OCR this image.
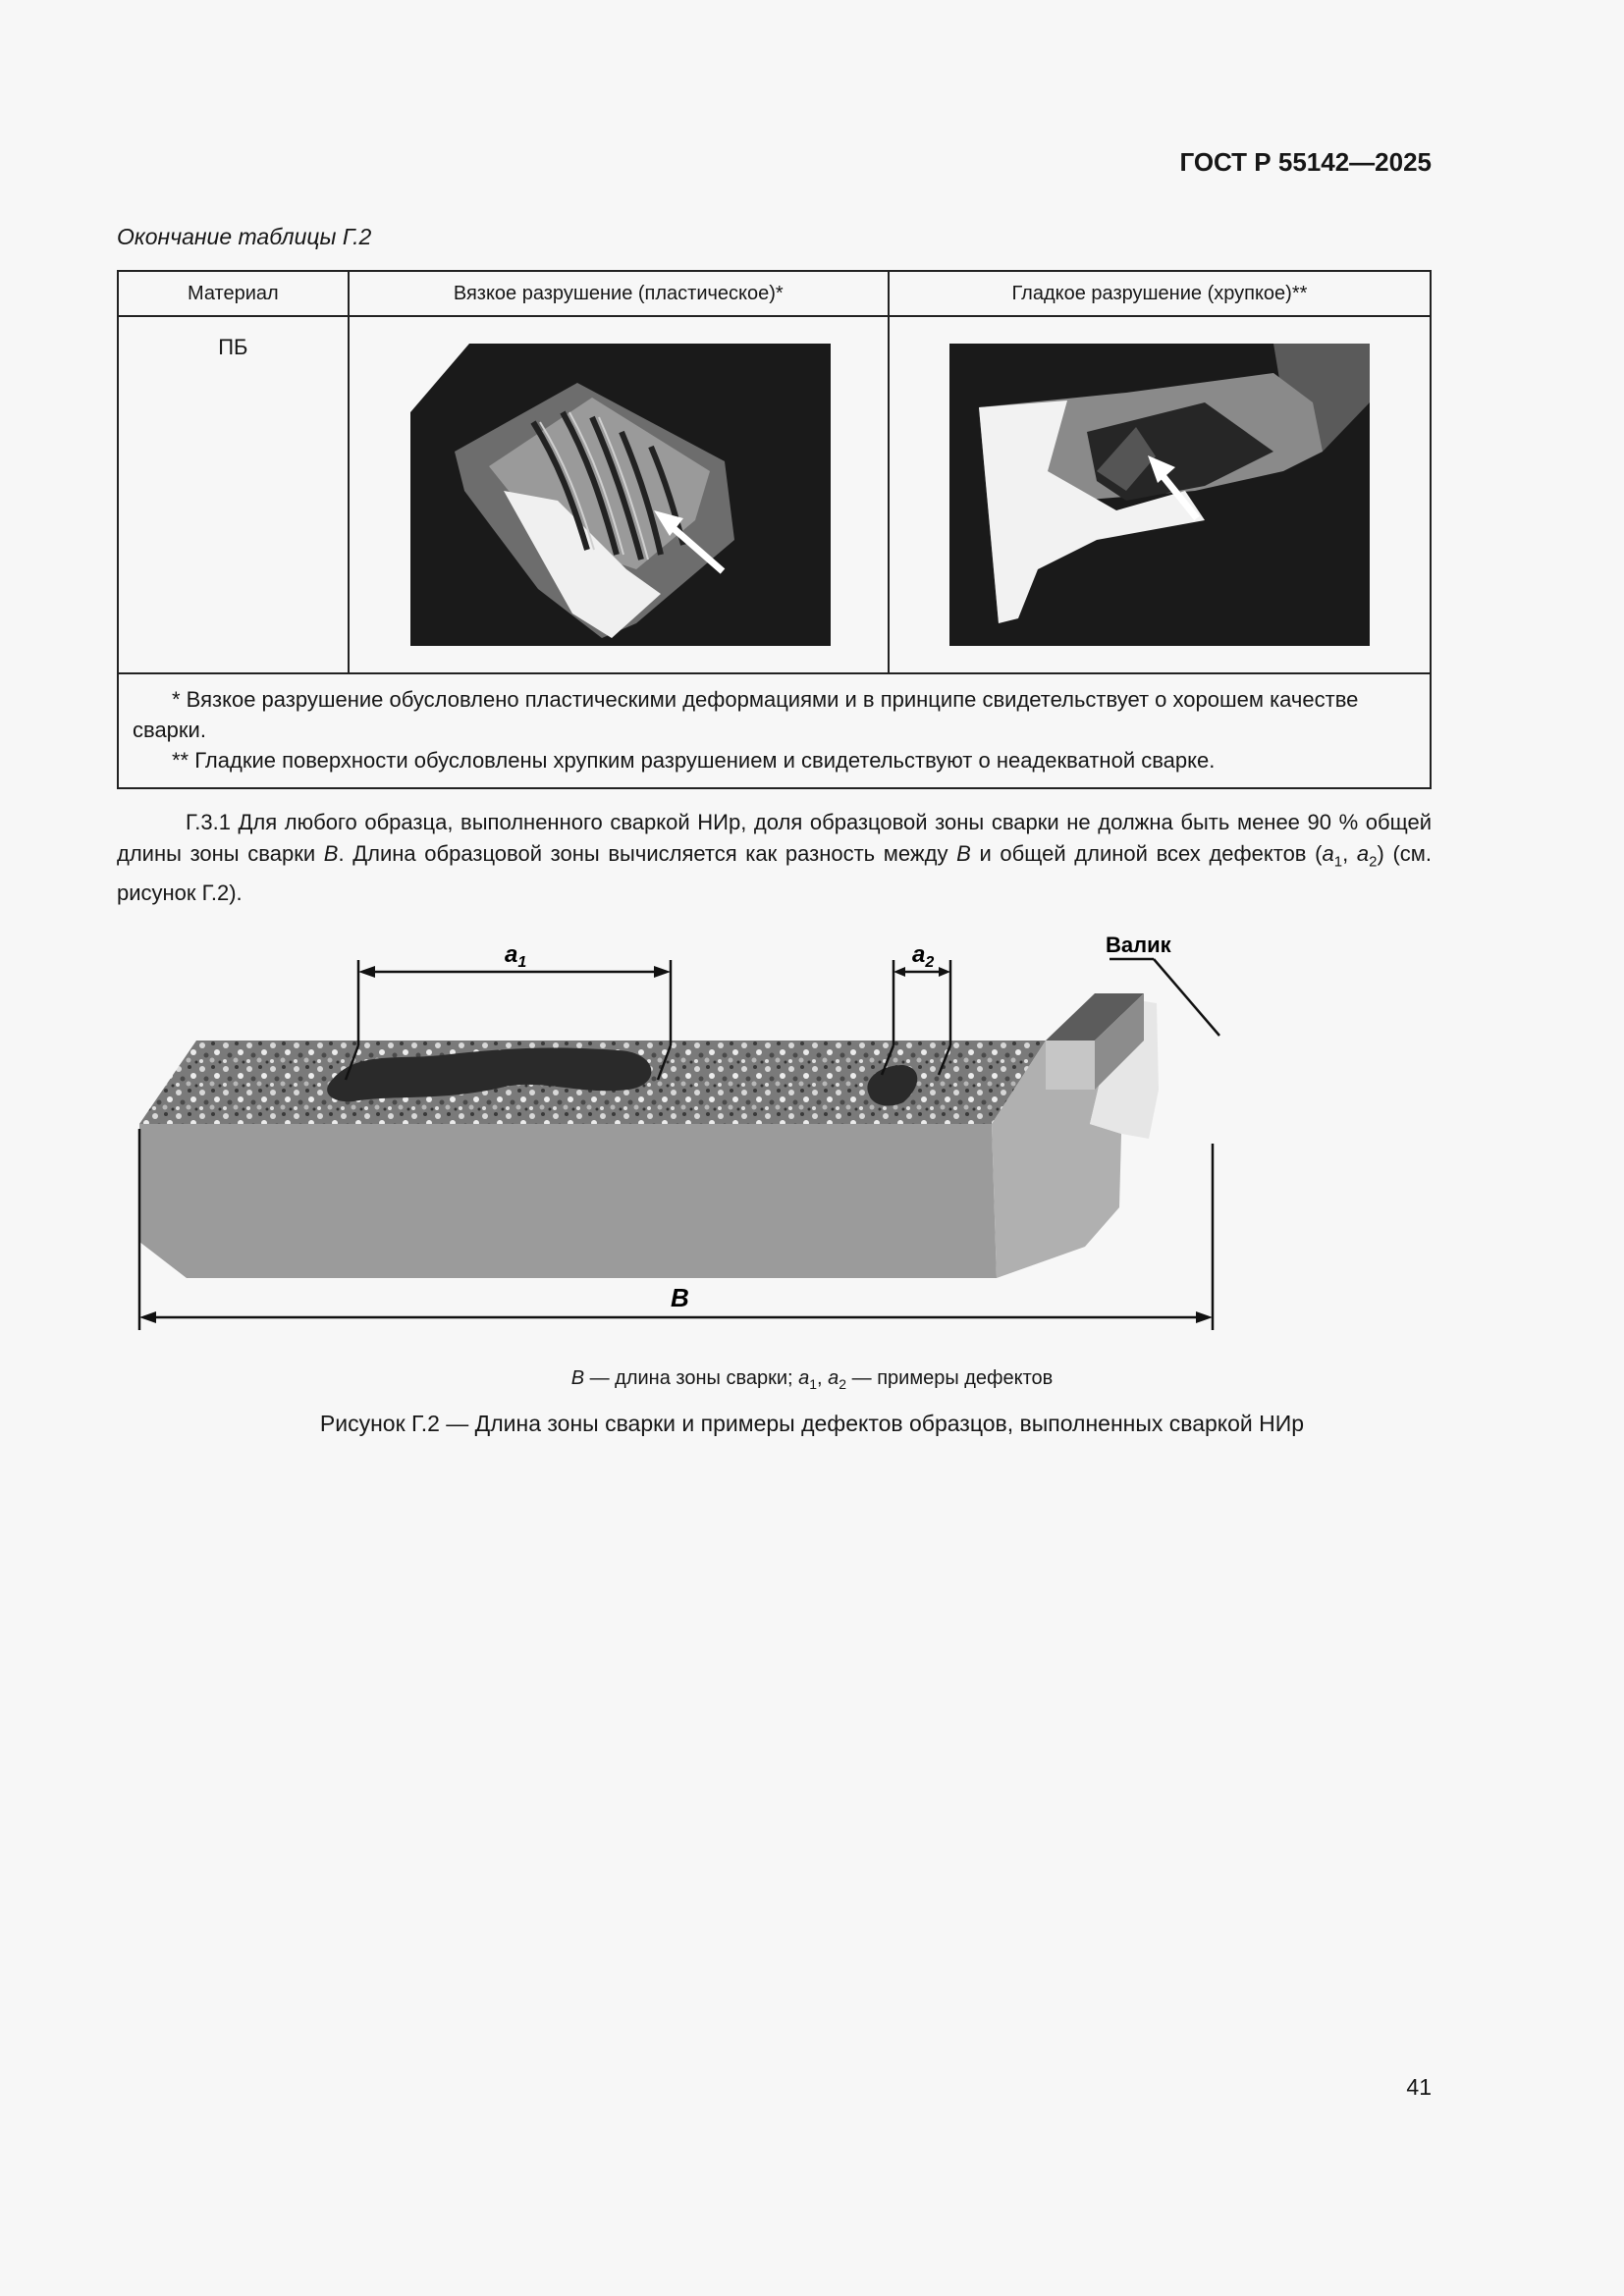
ГОСТ Р 55142—2025
Окончание таблицы Г.2
Материал	Вязкое разрушение (пластическое)*	Гладкое разрушение (хрупкое)**
ПБ	

* Вязкое разрушение обусловлено пластическими деформациями и в принципе свидетельствует о хорошем качестве сварки.

** Гладкие поверхности обусловлены хрупким разрушением и свидетельствуют о неадекватной сварке.		

Г.3.1 Для любого образца, выполненного сваркой НИр, доля образцовой зоны сварки не должна быть менее 90 % общей длины зоны сварки B. Длина образцовой зоны вычисляется как разность между B и общей длиной всех дефектов ($a_1$, $a_2$) (см. рисунок Г.2).

$a_1$	$a_2$
B
Валик
B — длина зоны сварки; $a_1$, $a_2$ — примеры дефектов
Рисунок Г.2 — Длина зоны сварки и примеры дефектов образцов, выполненных сваркой НИр
41
